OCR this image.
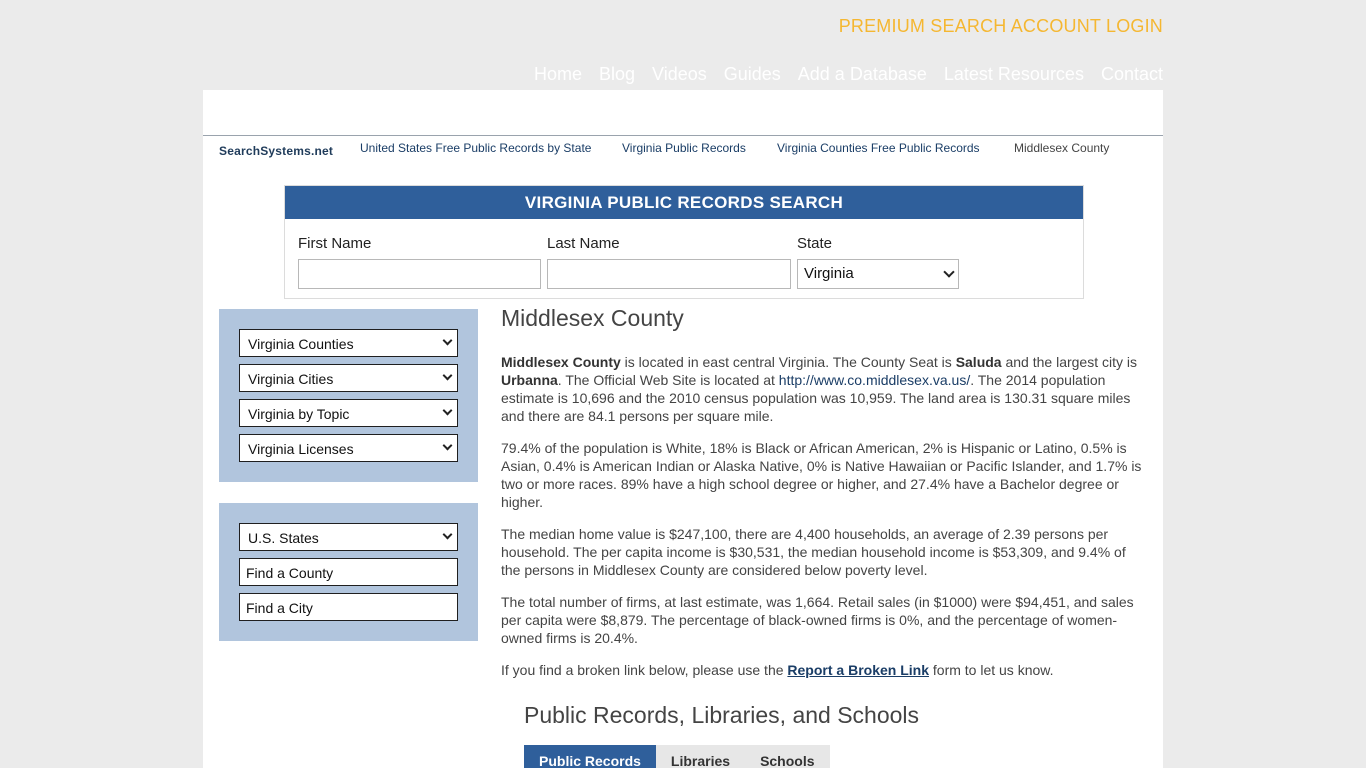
PREMIUM SEARCH ACCOUNT LOGIN
Home Blog Videos Guides Add a Database Latest Resources Contact
SearchSystems.net United States Free Public Records by State	Virginia Public Records	Virginia Counties Free Public Records	Middlesex County
VIRGINIA PUBLIC RECORDS SEARCH
First Name	Last Name	State
Virginia
Virginia Counties
Virginia Cities
Virginia by Topic
Virginia Licenses
U.S. States
Find a County
Find a City
Middlesex County

Middlesex County is located in east central Virginia. The County Seat is Saluda and the largest city is Urbanna. The Official Web Site is located at http://www.co.middlesex.va.us/. The 2014 population estimate is 10,696 and the 2010 census population was 10,959. The land area is 130.31 square miles and there are 84.1 persons per square mile.

79.4% of the population is White, 18% is Black or African American, 2% is Hispanic or Latino, 0.5% is Asian, 0.4% is American Indian or Alaska Native, 0% is Native Hawaiian or Pacific Islander, and 1.7% is two or more races. 89% have a high school degree or higher, and 27.4% have a Bachelor degree or higher.

The median home value is $247,100, there are 4,400 households, an average of 2.39 persons per household. The per capita income is $30,531, the median household income is $53,309, and 9.4% of the persons in Middlesex County are considered below poverty level.

The total number of firms, at last estimate, was 1,664. Retail sales (in $1000) were $94,451, and sales per capita were $8,879. The percentage of black-owned firms is 0%, and the percentage of women-owned firms is 20.4%.

If you find a broken link below, please use the Report a Broken Link form to let us know.

Public Records, Libraries, and Schools
Public Records	Libraries	Schools
